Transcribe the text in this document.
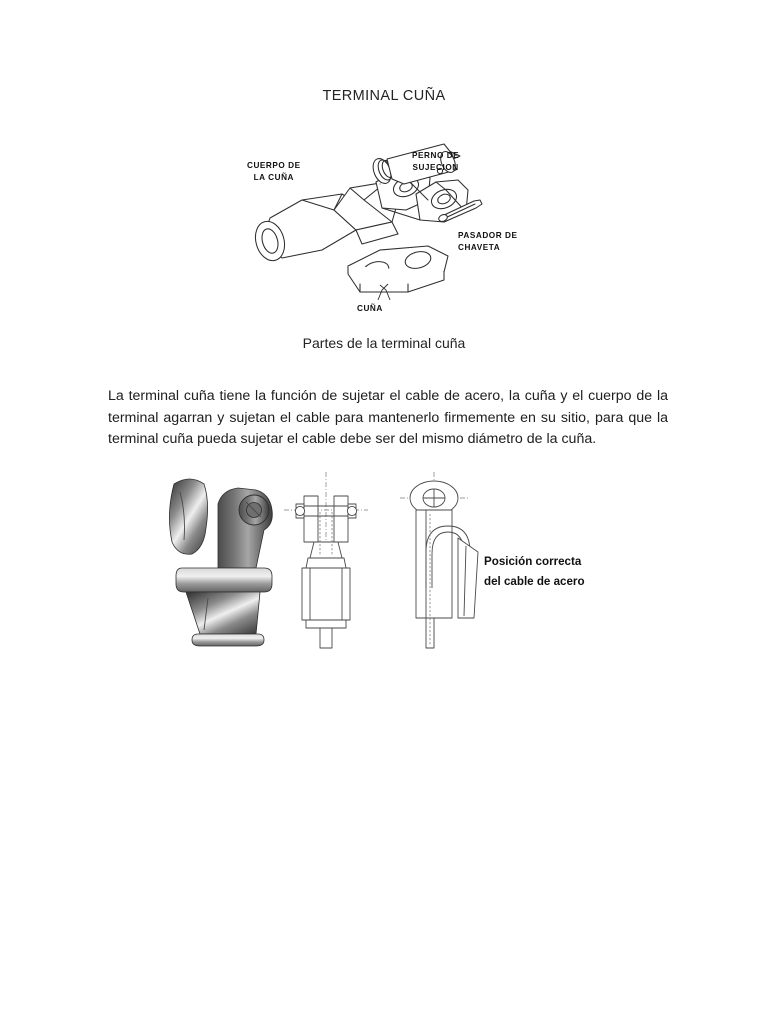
TERMINAL CUÑA
CUERPO DE
LA CUÑA
PERNO DE
SUJECION
PASADOR DE
CHAVETA
CUÑA
Partes de la terminal cuña
La terminal cuña tiene la función de sujetar el cable de acero, la cuña y el cuerpo de la terminal agarran y sujetan el cable para mantenerlo firmemente en su sitio, para que la terminal cuña pueda sujetar el cable debe ser del mismo diámetro de la cuña.
Posición correcta
del cable de acero
